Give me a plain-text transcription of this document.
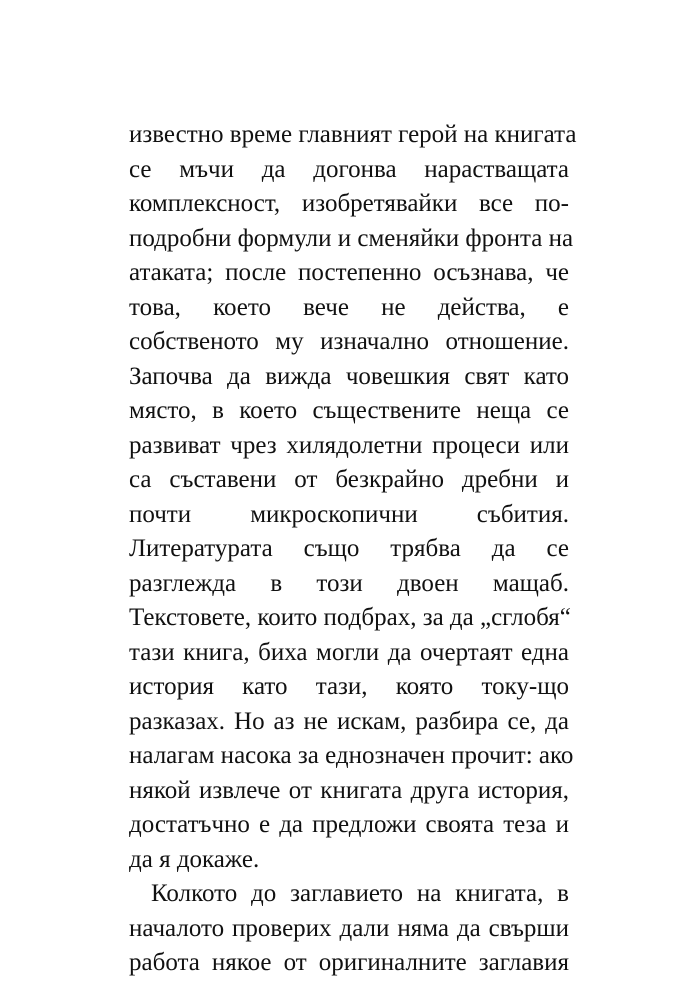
известно време главният герой на книгата
се мъчи да догонва нарастващата
комплексност, изобретявайки все по-
подробни формули и сменяйки фронта на
атаката; после постепенно осъзнава, че
това, което вече не действа, е
собственото му изначално отношение.
Започва да вижда човешкия свят като
място, в което съществените неща се
развиват чрез хилядолетни процеси или
са съставени от безкрайно дребни и
почти микроскопични събития.
Литературата също трябва да се
разглежда в този двоен мащаб.
Текстовете, които подбрах, за да „сглобя“
тази книга, биха могли да очертаят една
история като тази, която току-що
разказах. Но аз не искам, разбира се, да
налагам насока за еднозначен прочит: ако
някой извлече от книгата друга история,
достатъчно е да предложи своята теза и
да я докаже.
Колкото до заглавието на книгата, в
началото проверих дали няма да свърши
работа някое от оригиналните заглавия
